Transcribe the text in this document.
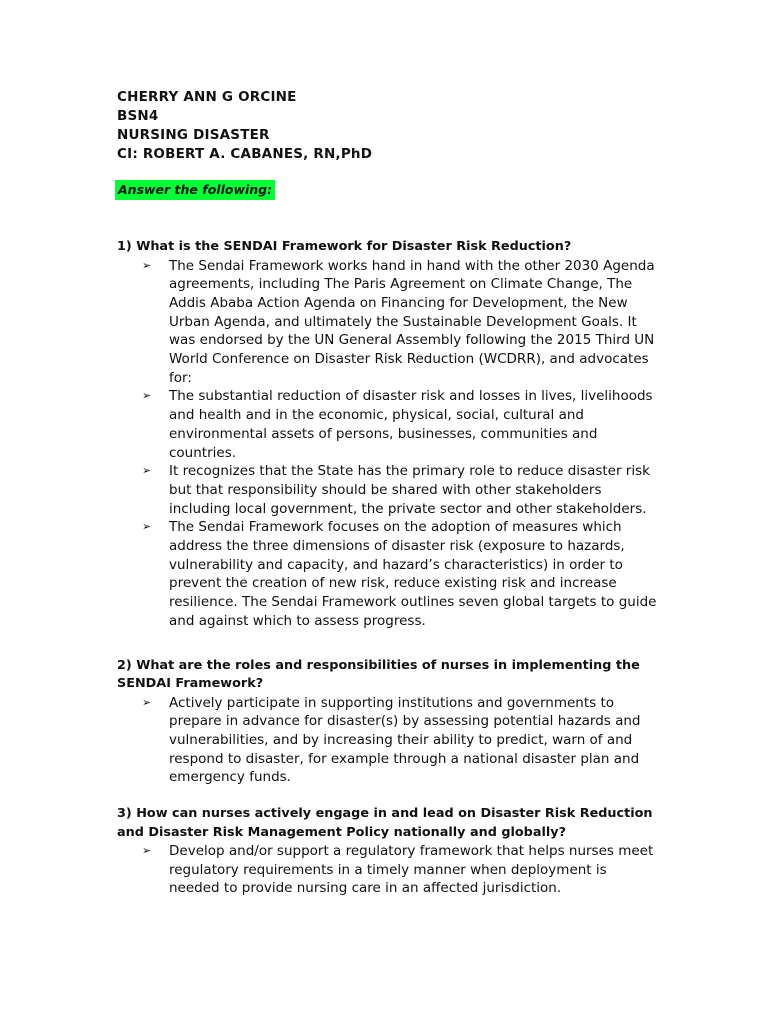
CHERRY ANN G ORCINE
BSN4
NURSING DISASTER
CI: ROBERT A. CABANES, RN,PhD
Answer the following:

1) What is the SENDAI Framework for Disaster Risk Reduction?

➢ The Sendai Framework works hand in hand with the other 2030 Agenda agreements, including The Paris Agreement on Climate Change, The Addis Ababa Action Agenda on Financing for Development, the New Urban Agenda, and ultimately the Sustainable Development Goals. It was endorsed by the UN General Assembly following the 2015 Third UN World Conference on Disaster Risk Reduction (WCDRR), and advocates for:
➢ The substantial reduction of disaster risk and losses in lives, livelihoods and health and in the economic, physical, social, cultural and environmental assets of persons, businesses, communities and countries.
➢ It recognizes that the State has the primary role to reduce disaster risk but that responsibility should be shared with other stakeholders including local government, the private sector and other stakeholders.
➢ The Sendai Framework focuses on the adoption of measures which address the three dimensions of disaster risk (exposure to hazards, vulnerability and capacity, and hazard’s characteristics) in order to prevent the creation of new risk, reduce existing risk and increase resilience. The Sendai Framework outlines seven global targets to guide and against which to assess progress.

2) What are the roles and responsibilities of nurses in implementing the SENDAI Framework?

➢ Actively participate in supporting institutions and governments to prepare in advance for disaster(s) by assessing potential hazards and vulnerabilities, and by increasing their ability to predict, warn of and respond to disaster, for example through a national disaster plan and emergency funds.

3) How can nurses actively engage in and lead on Disaster Risk Reduction and Disaster Risk Management Policy nationally and globally?

➢ Develop and/or support a regulatory framework that helps nurses meet regulatory requirements in a timely manner when deployment is needed to provide nursing care in an affected jurisdiction.
